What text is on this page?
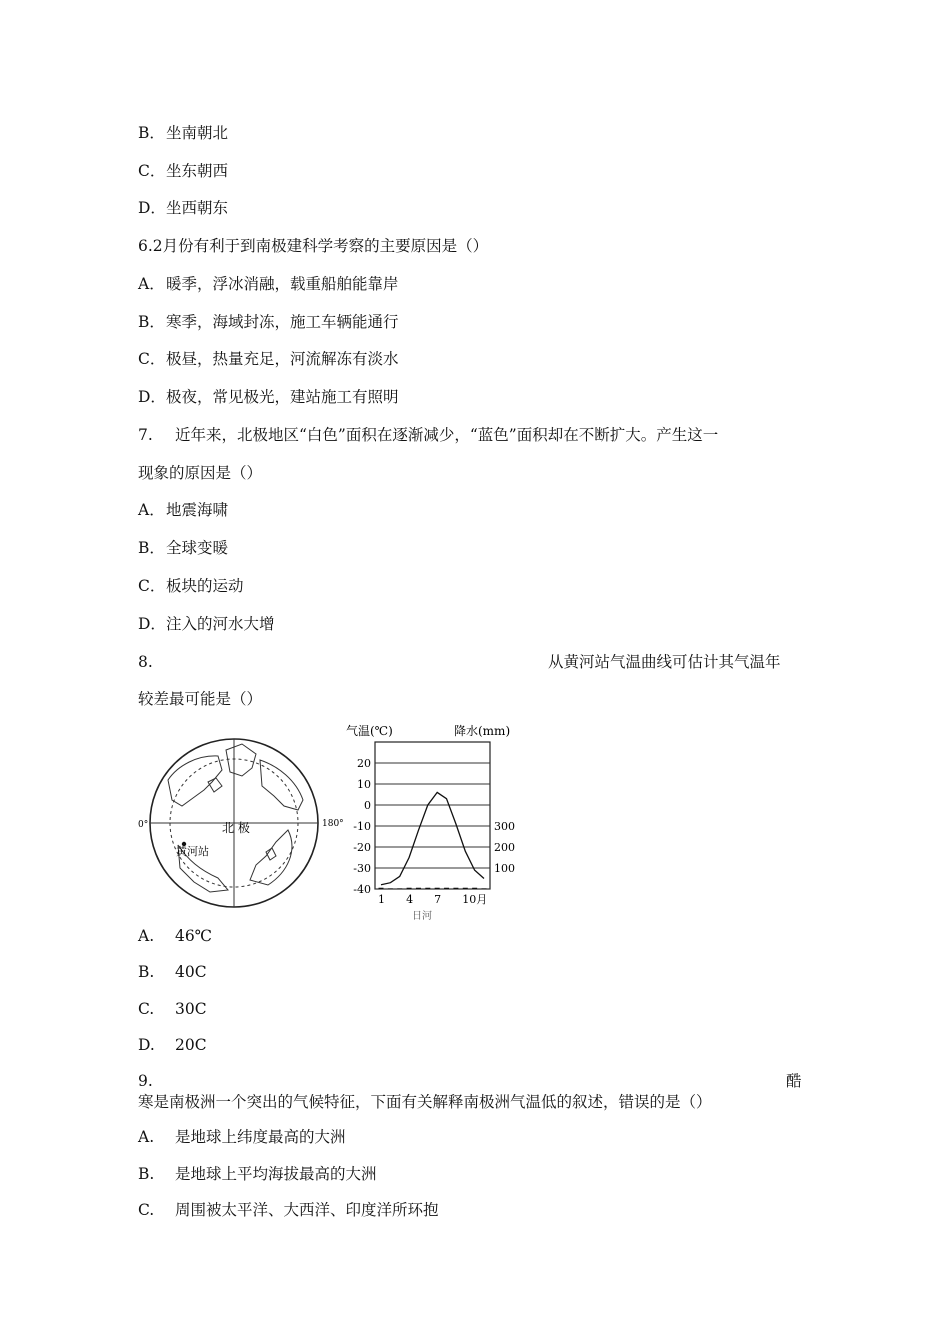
B．坐南朝北
C．坐东朝西
D．坐西朝东
6.2月份有利于到南极建科学考察的主要原因是（）
A．暖季，浮冰消融，载重船舶能靠岸
B．寒季，海域封冻，施工车辆能通行
C．极昼，热量充足，河流解冻有淡水
D．极夜，常见极光，建站施工有照明
7. 近年来，北极地区“白色”面积在逐渐减少，“蓝色”面积却在不断扩大。产生这一
现象的原因是（）
A．地震海啸
B．全球变暖
C．板块的运动
D．注入的河水大增
8.	从黄河站气温曲线可估计其气温年
较差最可能是（）
0°	180°
北 极
黄河站
气温(℃)	降水(mm)
20
10
0
-10
-20
-30
-40
300
200
100
1 4 7 10月
日河
A. 46℃
B. 40C
C. 30C
D. 20C
9.	酷
寒是南极洲一个突出的气候特征，下面有关解释南极洲气温低的叙述，错误的是（）
A. 是地球上纬度最高的大洲
B. 是地球上平均海拔最高的大洲
C. 周围被太平洋、大西洋、印度洋所环抱
